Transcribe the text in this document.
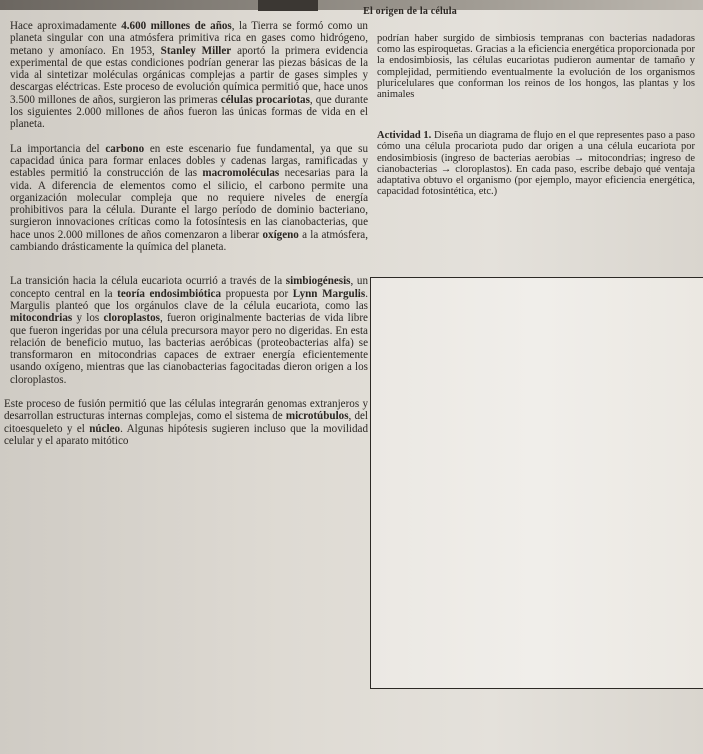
El origen de la célula

Hace aproximadamente 4.600 millones de años, la Tierra se formó como un planeta singular con una atmósfera primitiva rica en gases como hidrógeno, metano y amoníaco. En 1953, Stanley Miller aportó la primera evidencia experimental de que estas condiciones podrían generar las piezas básicas de la vida al sintetizar moléculas orgánicas complejas a partir de gases simples y descargas eléctricas. Este proceso de evolución química permitió que, hace unos 3.500 millones de años, surgieron las primeras células procariotas, que durante los siguientes 2.000 millones de años fueron las únicas formas de vida en el planeta.

La importancia del carbono en este escenario fue fundamental, ya que su capacidad única para formar enlaces dobles y cadenas largas, ramificadas y estables permitió la construcción de las macromoléculas necesarias para la vida. A diferencia de elementos como el silicio, el carbono permite una organización molecular compleja que no requiere niveles de energía prohibitivos para la célula. Durante el largo período de dominio bacteriano, surgieron innovaciones críticas como la fotosíntesis en las cianobacterias, que hace unos 2.000 millones de años comenzaron a liberar oxígeno a la atmósfera, cambiando drásticamente la química del planeta.

La transición hacia la célula eucariota ocurrió a través de la simbiogénesis, un concepto central en la teoría endosimbiótica propuesta por Lynn Margulis. Margulis planteó que los orgánulos clave de la célula eucariota, como las mitocondrias y los cloroplastos, fueron originalmente bacterias de vida libre que fueron ingeridas por una célula precursora mayor pero no digeridas. En esta relación de beneficio mutuo, las bacterias aeróbicas (proteobacterias alfa) se transformaron en mitocondrias capaces de extraer energía eficientemente usando oxígeno, mientras que las cianobacterias fagocitadas dieron origen a los cloroplastos.

Este proceso de fusión permitió que las células integrarán genomas extranjeros y desarrollan estructuras internas complejas, como el sistema de microtúbulos, del citoesqueleto y el núcleo. Algunas hipótesis sugieren incluso que la movilidad celular y el aparato mitótico

podrían haber surgido de simbiosis tempranas con bacterias nadadoras como las espiroquetas. Gracias a la eficiencia energética proporcionada por la endosimbiosis, las células eucariotas pudieron aumentar de tamaño y complejidad, permitiendo eventualmente la evolución de los organismos pluricelulares que conforman los reinos de los hongos, las plantas y los animales

Actividad 1. Diseña un diagrama de flujo en el que representes paso a paso cómo una célula procariota pudo dar origen a una célula eucariota por endosimbiosis (ingreso de bacterias aerobias → mitocondrias; ingreso de cianobacterias → cloroplastos). En cada paso, escribe debajo qué ventaja adaptativa obtuvo el organismo (por ejemplo, mayor eficiencia energética, capacidad fotosintética, etc.)
